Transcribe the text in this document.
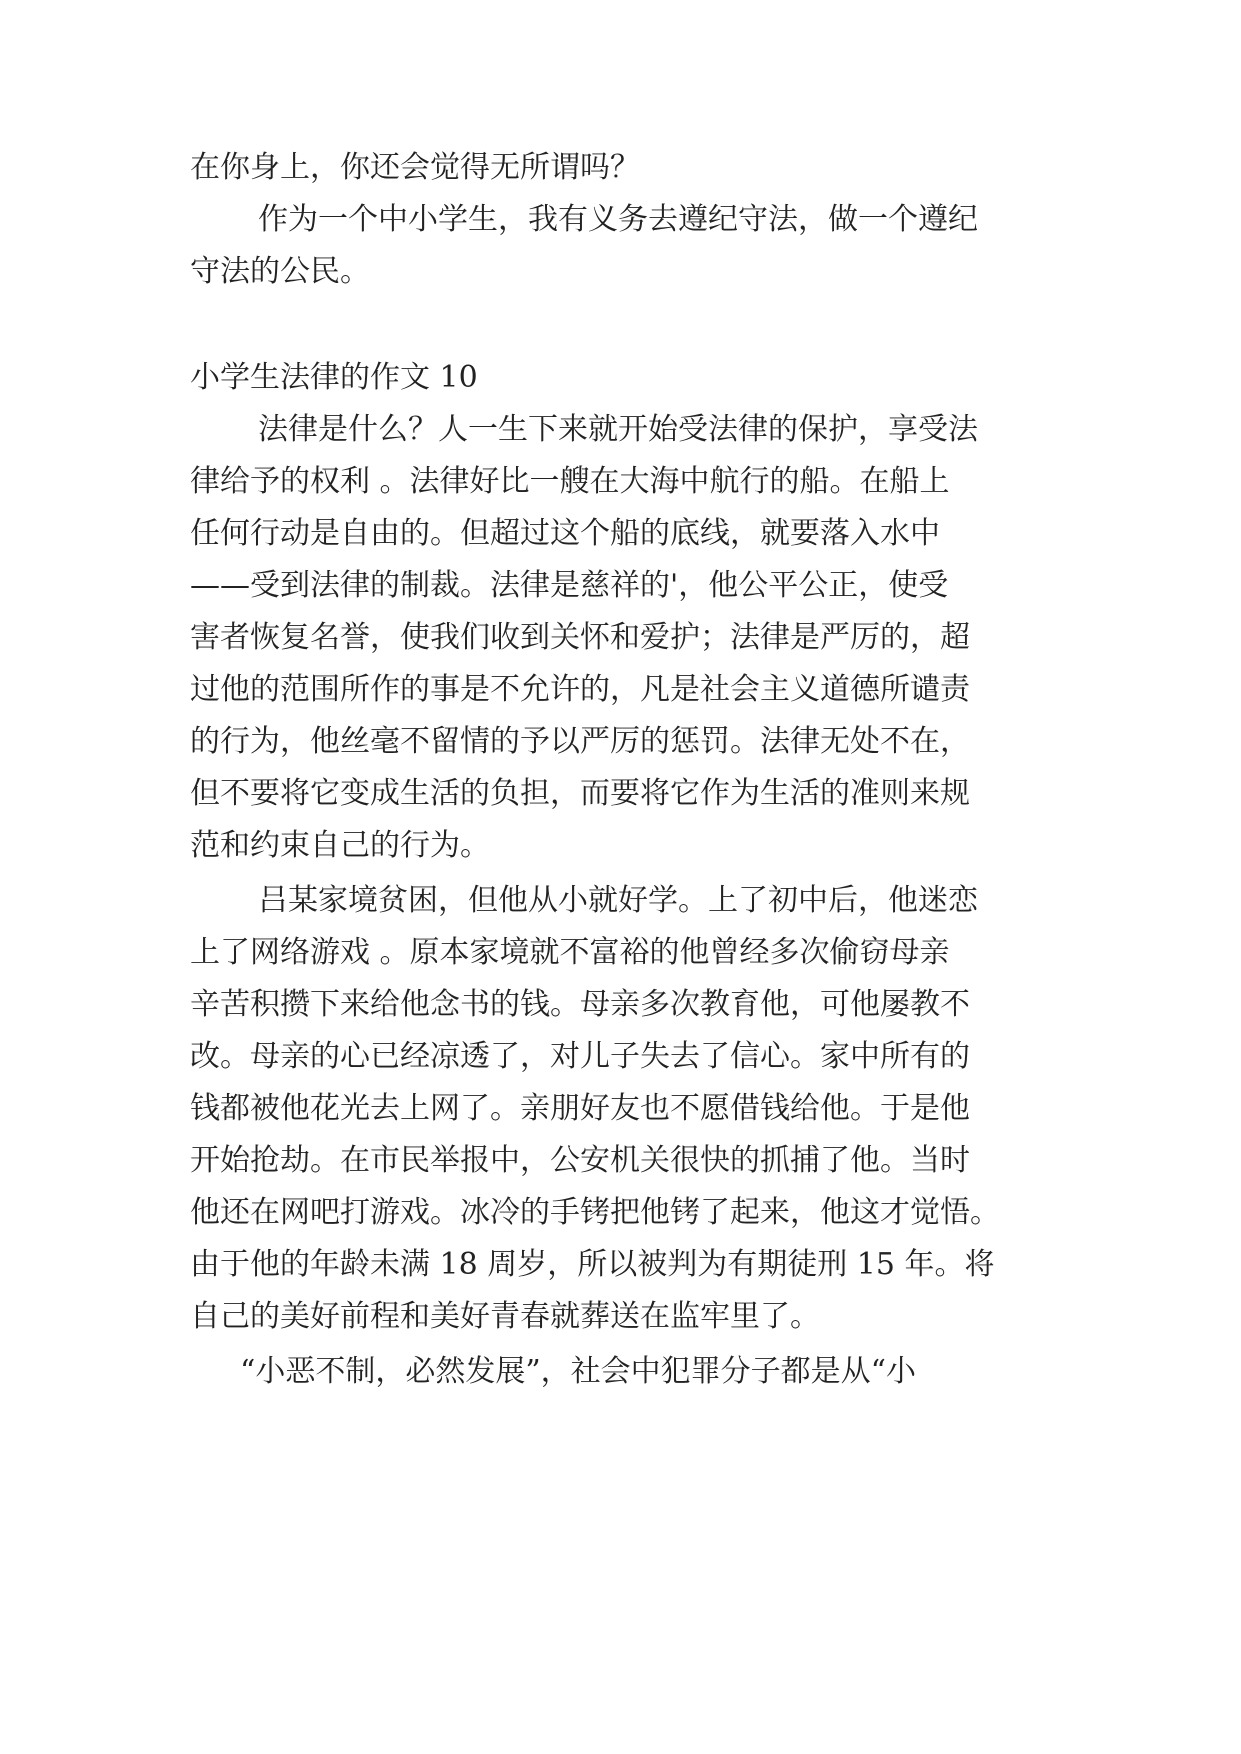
在你身上，你还会觉得无所谓吗？
作为一个中小学生，我有义务去遵纪守法，做一个遵纪
守法的公民。
小学生法律的作文 10
法律是什么？人一生下来就开始受法律的保护，享受法
律给予的权利 。法律好比一艘在大海中航行的船。在船上
任何行动是自由的。但超过这个船的底线，就要落入水中
——受到法律的制裁。法律是慈祥的'，他公平公正，使受
害者恢复名誉，使我们收到关怀和爱护；法律是严厉的，超
过他的范围所作的事是不允许的，凡是社会主义道德所谴责
的行为，他丝毫不留情的予以严厉的惩罚。法律无处不在，
但不要将它变成生活的负担，而要将它作为生活的准则来规
范和约束自己的行为。
吕某家境贫困，但他从小就好学。上了初中后，他迷恋
上了网络游戏 。原本家境就不富裕的他曾经多次偷窃母亲
辛苦积攒下来给他念书的钱。母亲多次教育他，可他屡教不
改。母亲的心已经凉透了，对儿子失去了信心。家中所有的
钱都被他花光去上网了。亲朋好友也不愿借钱给他。于是他
开始抢劫。在市民举报中，公安机关很快的抓捕了他。当时
他还在网吧打游戏。冰冷的手铐把他铐了起来，他这才觉悟。
由于他的年龄未满 18 周岁，所以被判为有期徒刑 15 年。将
自己的美好前程和美好青春就葬送在监牢里了。
“小恶不制，必然发展”，社会中犯罪分子都是从“小
